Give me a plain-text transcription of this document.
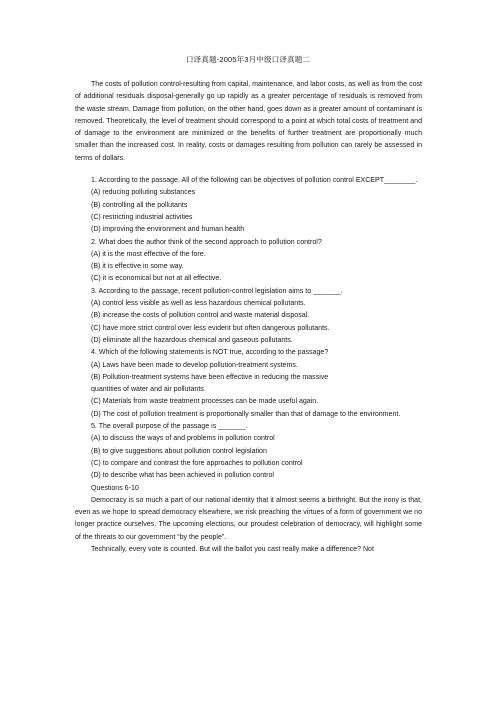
口译真题-2005年3月中级口译真题二

The costs of pollution control-resulting from capital, maintenance, and labor costs, as well as from the cost of additional residuals disposal-generally go up rapidly as a greater percentage of residuals is removed from the waste stream. Damage from pollution, on the other hand, goes down as a greater amount of contaminant is removed. Theoretically, the level of treatment should correspond to a point at which total costs of treatment and of damage to the environment are minimized or the benefits of further treatment are proportionally much smaller than the increased cost. In reality, costs or damages resulting from pollution can rarely be assessed in terms of dollars.

1. According to the passage. All of the following can be objectives of pollution control EXCEPT________.

(A) reducing polluting substances

(B) controlling all the pollutants

(C) restricting industrial activities

(D) improving the environment and human health

2. What does the author think of the second approach to pollution control?

(A) it is the most effective of the fore.

(B) it is effective in some way.

(C) it is economical but not at all effective.

3. According to the passage, recent pollution-control legislation aims to _______.

(A) control less visible as well as less hazardous chemical pollutants.

(B) increase the costs of pollution control and waste material disposal.

(C) have more strict control over less evident but often dangerous pollutants.

(D) eliminate all the hazardous chemical and gaseous pollutants.

4. Which of the following statements is NOT true, according to the passage?

(A) Laws have been made to develop pollution-treatment systems.

(B) Pollution-treatment systems have been effective in reducing the massive

quantities of water and air pollutants.

(C) Materials from waste treatment processes can be made useful again.

(D) The cost of pollution treatment is proportionally smaller than that of damage to the environment.

5. The overall purpose of the passage is _______.

(A) to discuss the ways of and problems in pollution control

(B) to give suggestions about pollution control legislation

(C) to compare and contrast the fore approaches to pollution control

(D) to describe what has been achieved in pollution control

Questions 6-10

Democracy is so much a part of our national identity that it almost seems a birthright. But the irony is that, even as we hope to spread democracy elsewhere, we risk preaching the virtues of a form of government we no longer practice ourselves. The upcoming elections, our proudest celebration of democracy, will highlight some of the threats to our government “by the people”.

Technically, every vote is counted. But will the ballot you cast really make a difference? Not
